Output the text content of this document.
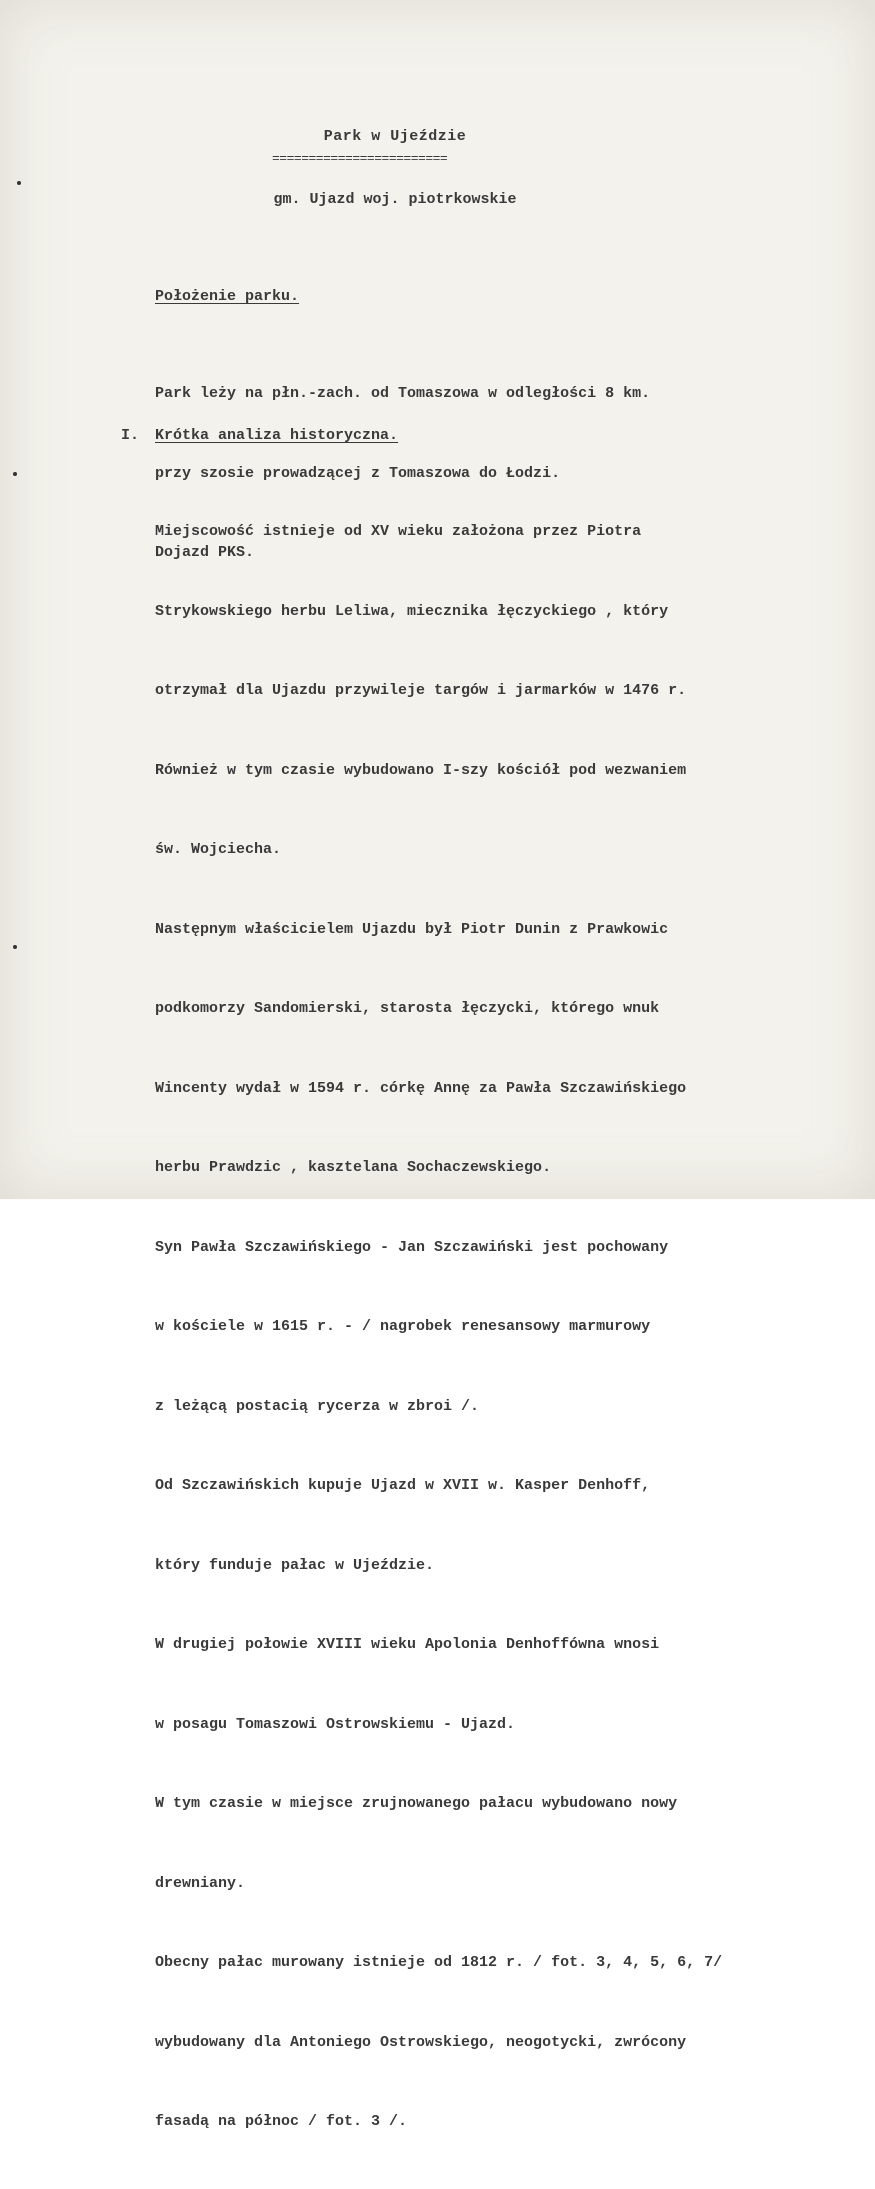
Park w Ujeździe
========================
gm. Ujazd woj. piotrkowskie
Położenie parku.

Park leży na płn.-zach. od Tomaszowa w odległości 8 km.

przy szosie prowadzącej z Tomaszowa do Łodzi.

Dojazd PKS.

I. Krótka analiza historyczna.

Miejscowość istnieje od XV wieku założona przez Piotra

Strykowskiego herbu Leliwa, miecznika łęczyckiego , który

otrzymał dla Ujazdu przywileje targów i jarmarków w 1476 r.

Również w tym czasie wybudowano I-szy kościół pod wezwaniem

św. Wojciecha.

Następnym właścicielem Ujazdu był Piotr Dunin z Prawkowic

podkomorzy Sandomierski, starosta łęczycki, którego wnuk

Wincenty wydał w 1594 r. córkę Annę za Pawła Szczawińskiego

herbu Prawdzic , kasztelana Sochaczewskiego.

Syn Pawła Szczawińskiego - Jan Szczawiński jest pochowany

w kościele w 1615 r. - / nagrobek renesansowy marmurowy

z leżącą postacią rycerza w zbroi /.

Od Szczawińskich kupuje Ujazd w XVII w. Kasper Denhoff,

który funduje pałac w Ujeździe.

W drugiej połowie XVIII wieku Apolonia Denhoffówna wnosi

w posagu Tomaszowi Ostrowskiemu - Ujazd.

W tym czasie w miejsce zrujnowanego pałacu wybudowano nowy

drewniany.

Obecny pałac murowany istnieje od 1812 r. / fot. 3, 4, 5, 6, 7/

wybudowany dla Antoniego Ostrowskiego, neogotycki, zwrócony

fasadą na północ / fot. 3 /.
